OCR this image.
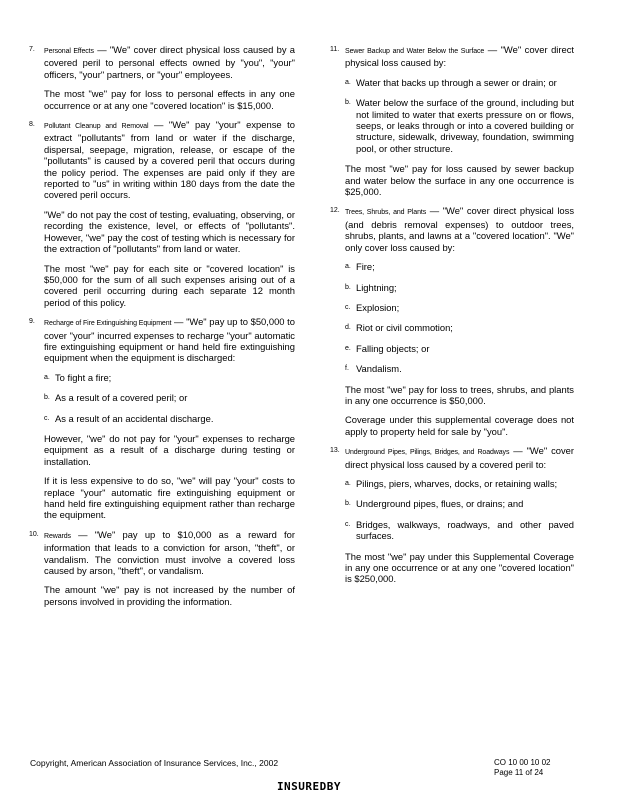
7.	Personal Effects — "We" cover direct physical loss caused by a covered peril to personal effects owned by "you", "your" officers, "your" partners, or "your" employees.

The most "we" pay for loss to personal effects in any one occurrence or at any one "covered location" is $15,000.

8.	Pollutant Cleanup and Removal — "We" pay "your" expense to extract "pollutants" from land or water if the discharge, dispersal, seepage, migration, release, or escape of the "pollutants" is caused by a covered peril that occurs during the policy period. The expenses are paid only if they are reported to "us" in writing within 180 days from the date the covered peril occurs.

"We" do not pay the cost of testing, evaluating, observing, or recording the existence, level, or effects of "pollutants". However, "we" pay the cost of testing which is necessary for the extraction of "pollutants" from land or water.

The most "we" pay for each site or "covered location" is $50,000 for the sum of all such expenses arising out of a covered peril occurring during each separate 12 month period of this policy.

9.	Recharge of Fire Extinguishing Equipment — "We" pay up to $50,000 to cover "your" incurred expenses to recharge "your" automatic fire extinguishing equipment or hand held fire extinguishing equipment when the equipment is discharged:

a. To fight a fire;
b. As a result of a covered peril; or
c. As a result of an accidental discharge.

However, "we" do not pay for "your" expenses to recharge equipment as a result of a discharge during testing or installation.

If it is less expensive to do so, "we" will pay "your" costs to replace "your" automatic fire extinguishing equipment or hand held fire extinguishing equipment rather than recharge the equipment.

10. Rewards — "We" pay up to $10,000 as a reward for information that leads to a conviction for arson, "theft", or vandalism. The conviction must involve a covered loss caused by arson, "theft", or vandalism.

The amount "we" pay is not increased by the number of persons involved in providing the information.

11. Sewer Backup and Water Below the Surface — "We" cover direct physical loss caused by:

a. Water that backs up through a sewer or drain; or
b. Water below the surface of the ground, including but not limited to water that exerts pressure on or flows, seeps, or leaks through or into a covered building or structure, sidewalk, driveway, foundation, swimming pool, or other structure.

The most "we" pay for loss caused by sewer backup and water below the surface in any one occurrence is $25,000.

12. Trees, Shrubs, and Plants — "We" cover direct physical loss (and debris removal expenses) to outdoor trees, shrubs, plants, and lawns at a "covered location". "We" only cover loss caused by:

a. Fire;
b. Lightning;
c. Explosion;
d. Riot or civil commotion;
e. Falling objects; or
f. Vandalism.

The most "we" pay for loss to trees, shrubs, and plants in any one occurrence is $50,000.

Coverage under this supplemental coverage does not apply to property held for sale by "you".

13. Underground Pipes, Pilings, Bridges, and Roadways — "We" cover direct physical loss caused by a covered peril to:

a. Pilings, piers, wharves, docks, or retaining walls;
b. Underground pipes, flues, or drains; and
c. Bridges, walkways, roadways, and other paved surfaces.

The most "we" pay under this Supplemental Coverage in any one occurrence or at any one "covered location" is $250,000.

Copyright, American Association of Insurance Services, Inc., 2002	CO 10 00 10 02
Page 11 of 24
INSUREDBY
